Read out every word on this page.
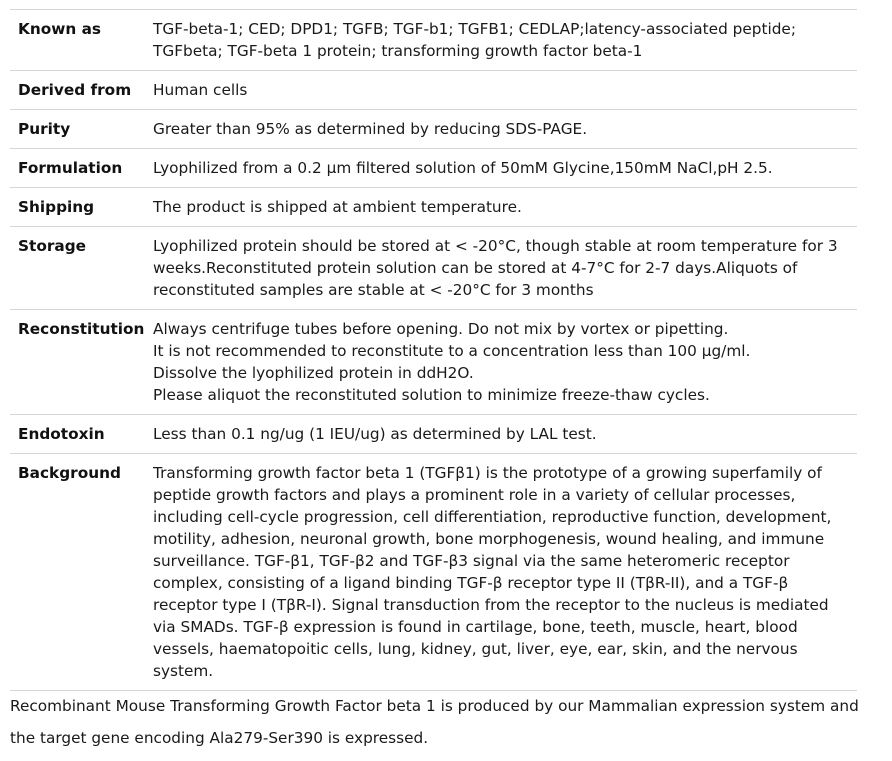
Known as	TGF-beta-1; CED; DPD1; TGFB; TGF-b1; TGFB1; CEDLAP;latency-associated peptide; TGFbeta; TGF-beta 1 protein; transforming growth factor beta-1

Derived from	Human cells

Purity	Greater than 95% as determined by reducing SDS-PAGE.

Formulation	Lyophilized from a 0.2 μm filtered solution of 50mM Glycine,150mM NaCl,pH 2.5.

Shipping	The product is shipped at ambient temperature.

Storage	Lyophilized protein should be stored at < -20°C, though stable at room temperature for 3 weeks.Reconstituted protein solution can be stored at 4-7°C for 2-7 days.Aliquots of reconstituted samples are stable at < -20°C for 3 months

Reconstitution	Always centrifuge tubes before opening. Do not mix by vortex or pipetting.
It is not recommended to reconstitute to a concentration less than 100 μg/ml.
Dissolve the lyophilized protein in ddH2O.
Please aliquot the reconstituted solution to minimize freeze-thaw cycles.

Endotoxin	Less than 0.1 ng/ug (1 IEU/ug) as determined by LAL test.

Background	Transforming growth factor beta 1 (TGFβ1) is the prototype of a growing superfamily of peptide growth factors and plays a prominent role in a variety of cellular processes, including cell-cycle progression, cell differentiation, reproductive function, development, motility, adhesion, neuronal growth, bone morphogenesis, wound healing, and immune surveillance. TGF-β1, TGF-β2 and TGF-β3 signal via the same heteromeric receptor complex, consisting of a ligand binding TGF-β receptor type II (TβR-II), and a TGF-β receptor type I (TβR-I). Signal transduction from the receptor to the nucleus is mediated via SMADs. TGF-β expression is found in cartilage, bone, teeth, muscle, heart, blood vessels, haematopoitic cells, lung, kidney, gut, liver, eye, ear, skin, and the nervous system.
Recombinant Mouse Transforming Growth Factor beta 1 is produced by our Mammalian expression system and the target gene encoding Ala279-Ser390 is expressed.
